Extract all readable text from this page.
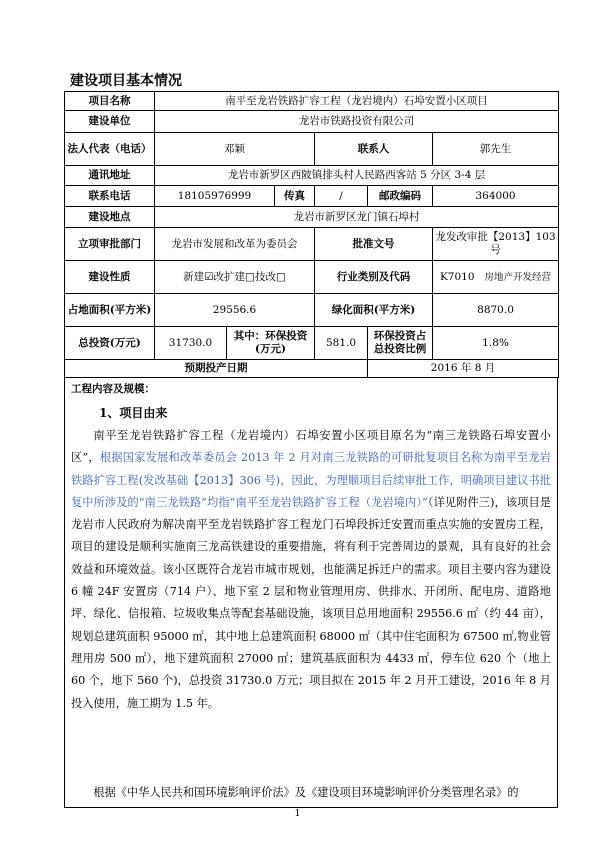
建设项目基本情况
项目名称	南平至龙岩铁路扩容工程（龙岩境内）石埠安置小区项目					
建设单位	龙岩市铁路投资有限公司					
法人代表（电话）	邓颖			联系人		郭先生
通讯地址	龙岩市新罗区西陂镇排头村人民路西客站 5 分区 3-4 层					
联系电话	18105976999		传真	/	邮政编码	364000
建设地点	龙岩市新罗区龙门镇石埠村					
立项审批部门	龙岩市发展和改革为委员会			批准文号		龙发改审批【2013】103 号
建设性质	新建☑改扩建□技改□			行业类别及代码		K7010 房地产开发经营
占地面积(平方米)	29556.6			绿化面积(平方米)		8870.0
总投资(万元)	31730.0	其中：环保投资(万元)		581.0	环保投资占总投资比例	1.8%
预期投产日期					2016 年 8 月	
工程内容及规模：
1、项目由来

南平至龙岩铁路扩容工程（龙岩境内）石埠安置小区项目原名为“南三龙铁路石埠安置小区”，根据国家发展和改革委员会 2013 年 2 月对南三龙铁路的可研批复项目名称为南平至龙岩铁路扩容工程(发改基础【2013】306 号)，因此，为理顺项目后续审批工作，明确项目建议书批复中所涉及的“南三龙铁路”均指“南平至龙岩铁路扩容工程（龙岩境内）”（详见附件三)，该项目是龙岩市人民政府为解决南平至龙岩铁路扩容工程龙门石埠段拆迁安置而重点实施的安置房工程，项目的建设是顺利实施南三龙高铁建设的重要措施，将有利于完善周边的景观，具有良好的社会效益和环境效益。该小区既符合龙岩市城市规划，也能满足拆迁户的需求。项目主要内容为建设 6 幢 24F 安置房（714 户）、地下室 2 层和物业管理用房、供排水、开闭所、配电房、道路地坪、绿化、信报箱、垃圾收集点等配套基础设施，该项目总用地面积 29556.6 ㎡（约 44 亩），规划总建筑面积 95000 ㎡，其中地上总建筑面积 68000 ㎡（其中住宅面积为 67500 ㎡,物业管理用房 500 ㎡），地下建筑面积 27000 ㎡；建筑基底面积为 4433 ㎡，停车位 620 个（地上 60 个，地下 560 个)，总投资 31730.0 万元；项目拟在 2015 年 2 月开工建设，2016 年 8 月投入使用，施工期为 1.5 年。

根据《中华人民共和国环境影响评价法》及《建设项目环境影响评价分类管理名录》的

1
